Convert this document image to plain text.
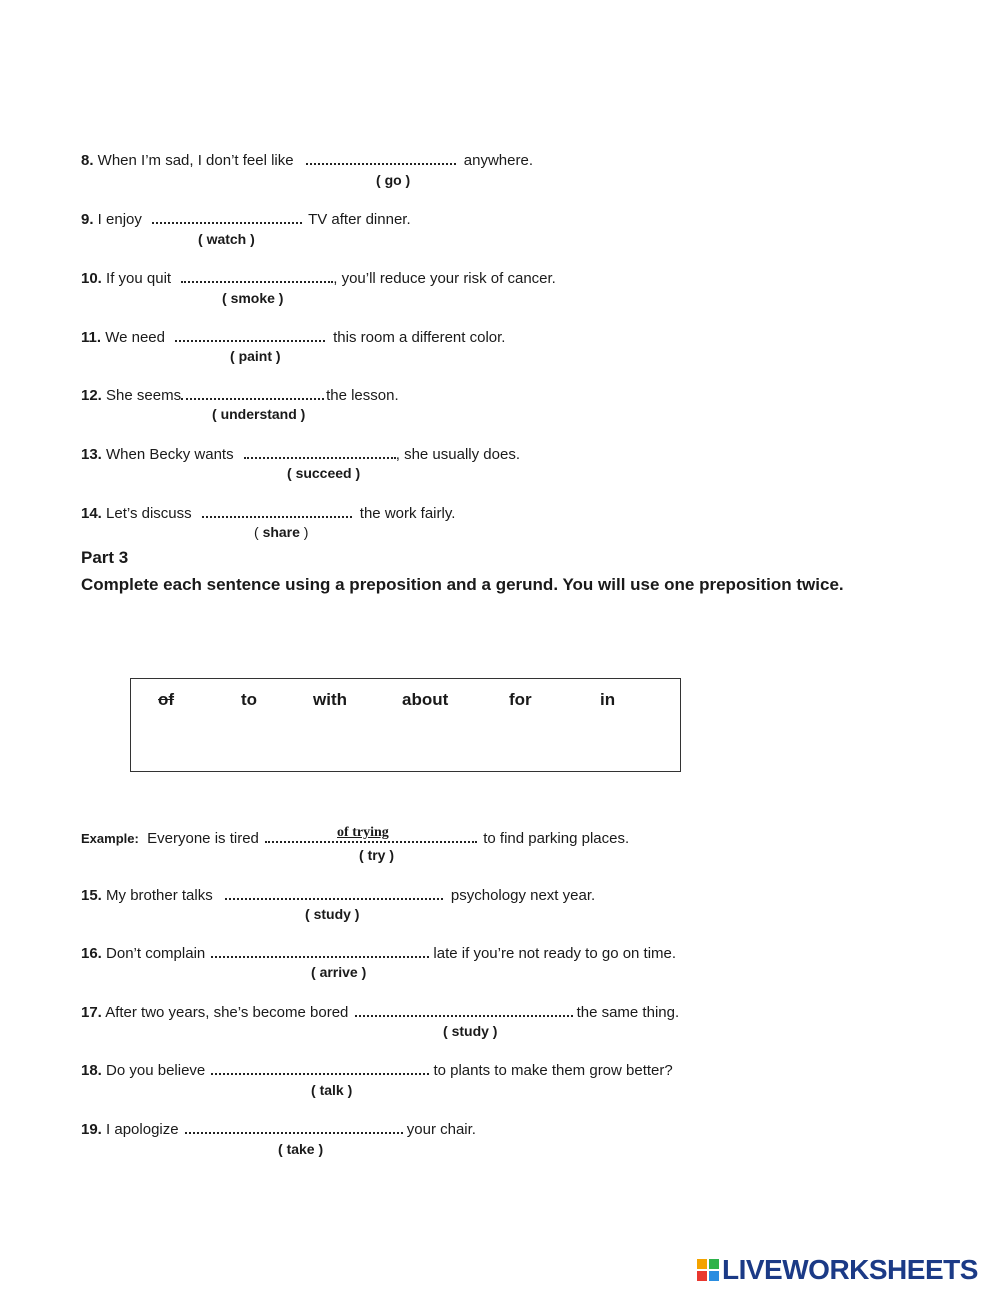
8. When I’m sad, I don’t feel like	anywhere.
( go )
9. I enjoy	TV after dinner.
( watch )
10. If you quit	, you’ll reduce your risk of cancer.
( smoke )
11. We need	this room a different color.
( paint )
12. She seems	the lesson.
( understand )
13. When Becky wants	, she usually does.
( succeed )
14. Let’s discuss	the work fairly.
( share )
Part 3
Complete each sentence using a preposition and a gerund. You will use one preposition twice.
of	to	with	about	for	in
Example: Everyone is tired	of trying	to find parking places.
( try )
15. My brother talks	psychology next year.
( study )
16. Don’t complain	late if you’re not ready to go on time.
( arrive )
17. After two years, she’s become bored	the same thing.
( study )
18. Do you believe	to plants to make them grow better?
( talk )
19. I apologize	your chair.
( take )
LIVEWORKSHEETS
